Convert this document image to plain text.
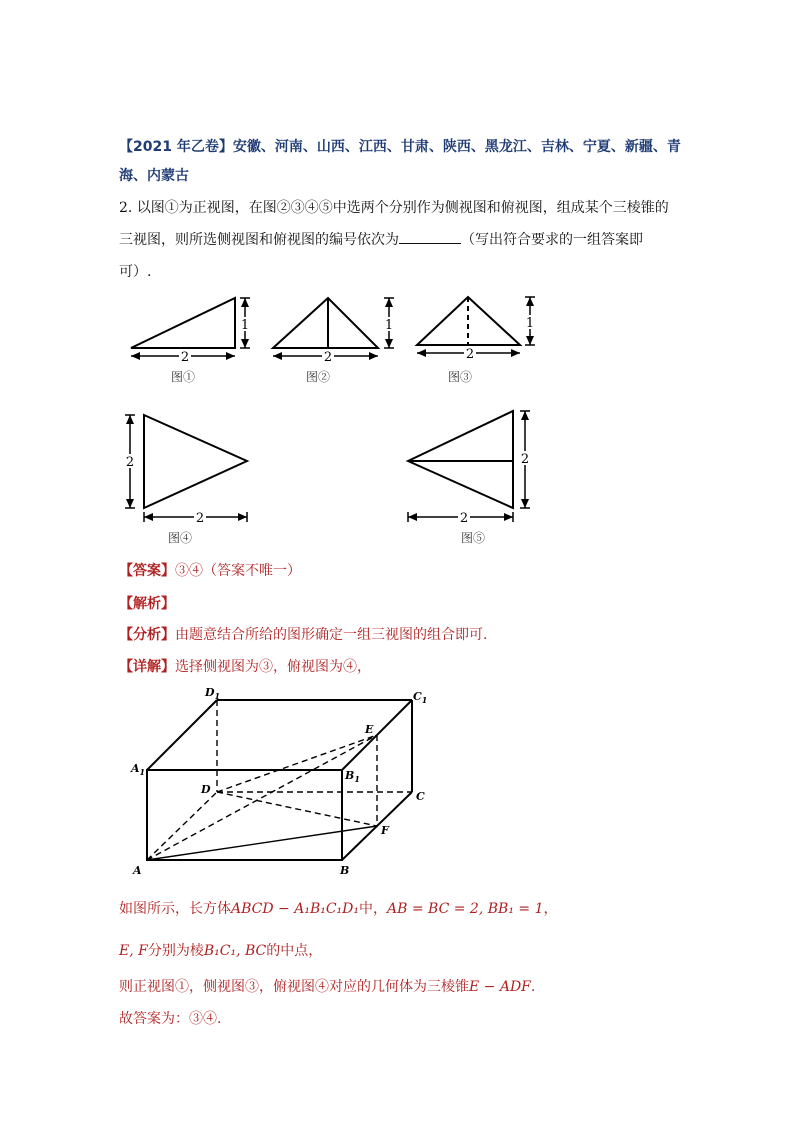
【2021 年乙卷】安徽、河南、山西、江西、甘肃、陕西、黑龙江、吉林、宁夏、新疆、青
海、内蒙古
2. 以图①为正视图，在图②③④⑤中选两个分别作为侧视图和俯视图，组成某个三棱锥的
三视图，则所选侧视图和俯视图的编号依次为	（写出符合要求的一组答案即
可）.
2
1
图①
2
1
图②
2
1
图③
2
2
图④
2
2
图⑤
【答案】③④（答案不唯一）
【解析】
【分析】由题意结合所给的图形确定一组三视图的组合即可.
【详解】选择侧视图为③，俯视图为④，
A	B
C
D
$A_1$	$B_1$
$C_1$
$D_1$
E
F
如图所示，长方体ABCD − A₁B₁C₁D₁中，AB = BC = 2, BB₁ = 1，
E, F分别为棱B₁C₁, BC的中点，
则正视图①，侧视图③，俯视图④对应的几何体为三棱锥E − ADF.
故答案为：③④.
